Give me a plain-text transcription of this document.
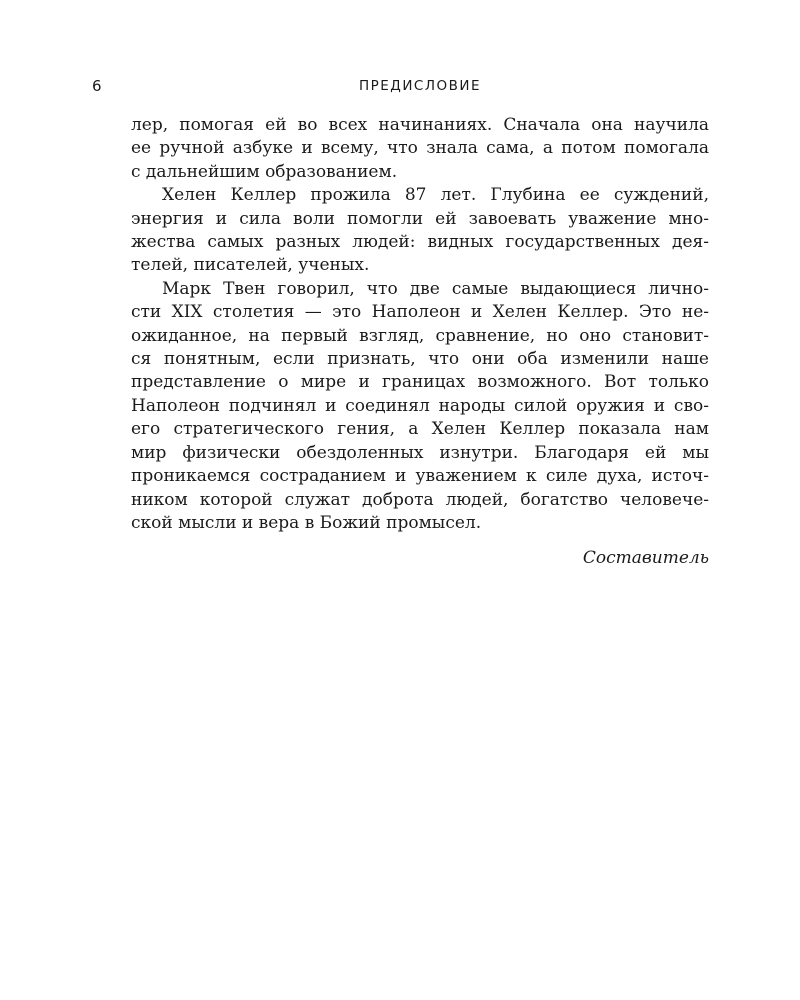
6	ПРЕДИСЛОВИЕ
лер, помогая ей во всех начинаниях. Сначала она научила
ее ручной азбуке и всему, что знала сама, а потом помогала
с дальнейшим образованием.
Хелен Келлер прожила 87 лет. Глубина ее суждений,
энергия и сила воли помогли ей завоевать уважение мно-
жества самых разных людей: видных государственных дея-
телей, писателей, ученых.
Марк Твен говорил, что две самые выдающиеся лично-
сти XIX столетия — это Наполеон и Хелен Келлер. Это не-
ожиданное, на первый взгляд, сравнение, но оно становит-
ся понятным, если признать, что они оба изменили наше
представление о мире и границах возможного. Вот только
Наполеон подчинял и соединял народы силой оружия и сво-
его стратегического гения, а Хелен Келлер показала нам
мир физически обездоленных изнутри. Благодаря ей мы
проникаемся состраданием и уважением к силе духа, источ-
ником которой служат доброта людей, богатство человече-
ской мысли и вера в Божий промысел.
Составитель
